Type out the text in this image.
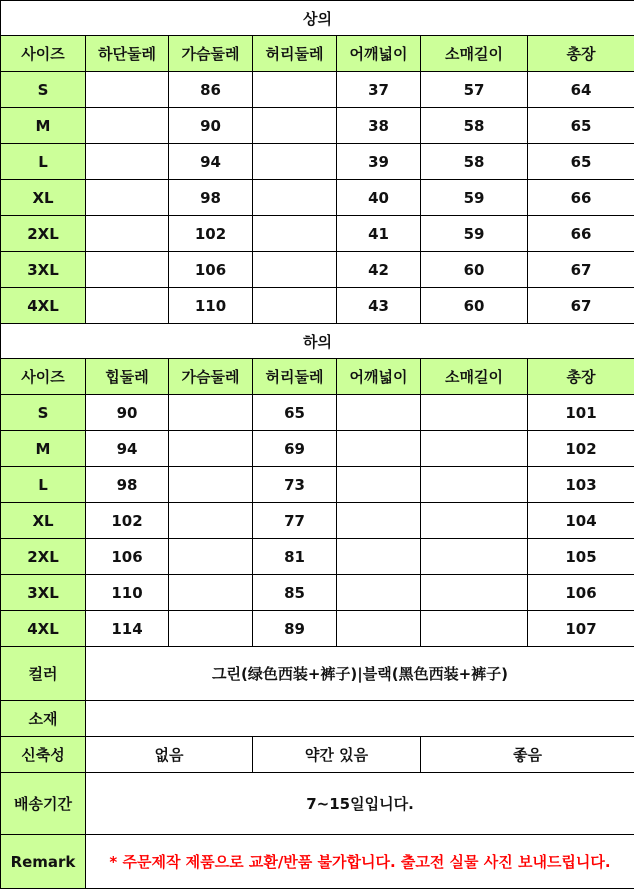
상의						
사이즈	하단둘레	가슴둘레	허리둘레	어깨넓이	소매길이	총장
S		86		37	57	64
M		90		38	58	65
L		94		39	58	65
XL		98		40	59	66
2XL		102		41	59	66
3XL		106		42	60	67
4XL		110		43	60	67
하의						
사이즈	힙둘레	가슴둘레	허리둘레	어깨넓이	소매길이	총장
S	90		65			101
M	94		69			102
L	98		73			103
XL	102		77			104
2XL	106		81			105
3XL	110		85			106
4XL	114		89			107
컬러	그린(绿色西装+裤子)|블랙(黑色西装+裤子)					
소재						
신축성	없음		약간 있음		좋음	
배송기간	7~15일입니다.					
Remark	* 주문제작 제품으로 교환/반품 불가합니다. 출고전 실물 사진 보내드립니다.					
